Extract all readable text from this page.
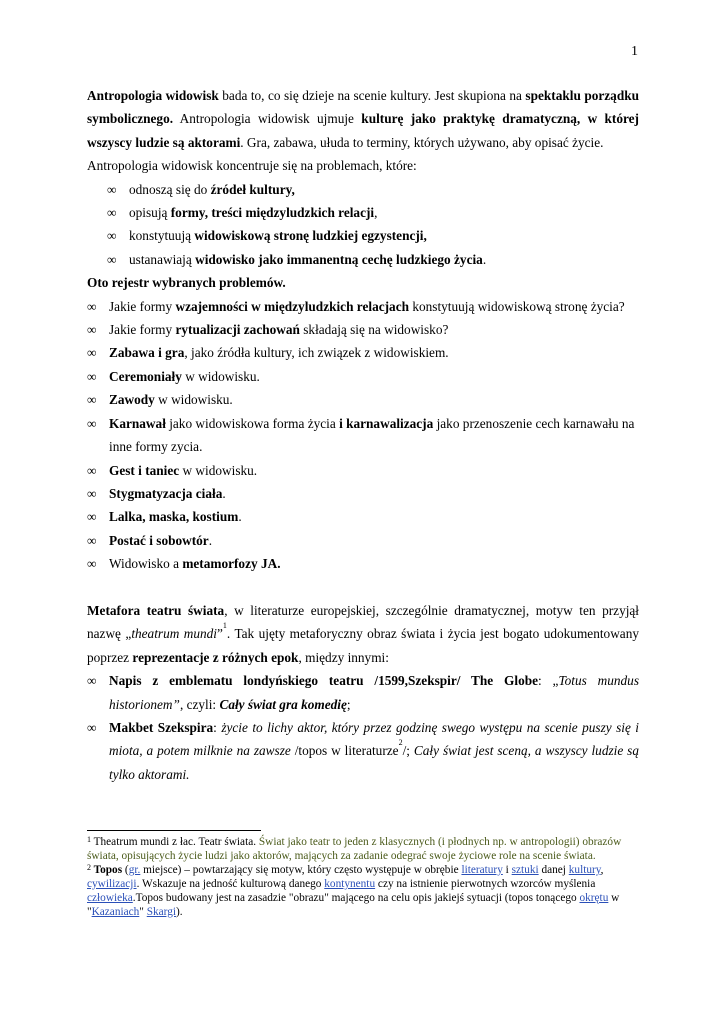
1

Antropologia widowisk bada to, co się dzieje na scenie kultury. Jest skupiona na spektaklu porządku symbolicznego. Antropologia widowisk ujmuje kulturę jako praktykę dramatyczną, w której wszyscy ludzie są aktorami. Gra, zabawa, ułuda to terminy, których używano, aby opisać życie.

Antropologia widowisk koncentruje się na problemach, które:

∞ odnoszą się do źródeł kultury,
∞ opisują formy, treści międzyludzkich relacji,
∞ konstytuują widowiskową stronę ludzkiej egzystencji,
∞ ustanawiają widowisko jako immanentną cechę ludzkiego życia.

Oto rejestr wybranych problemów.

∞ Jakie formy wzajemności w międzyludzkich relacjach konstytuują widowiskową stronę życia?
∞ Jakie formy rytualizacji zachowań składają się na widowisko?
∞ Zabawa i gra, jako źródła kultury, ich związek z widowiskiem.
∞ Ceremoniały w widowisku.
∞ Zawody w widowisku.
∞ Karnawał jako widowiskowa forma życia i karnawalizacja jako przenoszenie cech karnawału na inne formy zycia.
∞ Gest i taniec w widowisku.
∞ Stygmatyzacja ciała.
∞ Lalka, maska, kostium.
∞ Postać i sobowtór.
∞ Widowisko a metamorfozy JA.

Metafora teatru świata, w literaturze europejskiej, szczególnie dramatycznej, motyw ten przyjął nazwę „theatrum mundi”$^1$. Tak ujęty metaforyczny obraz świata i życia jest bogato udokumentowany poprzez reprezentacje z różnych epok, między innymi:

∞ Napis z emblematu londyńskiego teatru /1599,Szekspir/ The Globe: „Totus mundus historionem”, czyli: Cały świat gra komedię;
∞ Makbet Szekspira: życie to lichy aktor, który przez godzinę swego występu na scenie puszy się i miota, a potem milknie na zawsze /topos w literaturze$^2$/; Cały świat jest sceną, a wszyscy ludzie są tylko aktorami.

$^1$ Theatrum mundi z łac. Teatr świata. Świat jako teatr to jeden z klasycznych (i płodnych np. w antropologii) obrazów świata, opisujących życie ludzi jako aktorów, mających za zadanie odegrać swoje życiowe role na scenie świata.

$^2$ Topos (gr. miejsce) – powtarzający się motyw, który często występuje w obrębie literatury i sztuki danej kultury, cywilizacji. Wskazuje na jedność kulturową danego kontynentu czy na istnienie pierwotnych wzorców myślenia człowieka.Topos budowany jest na zasadzie "obrazu" mającego na celu opis jakiejś sytuacji (topos tonącego okrętu w "Kazaniach" Skargi).
